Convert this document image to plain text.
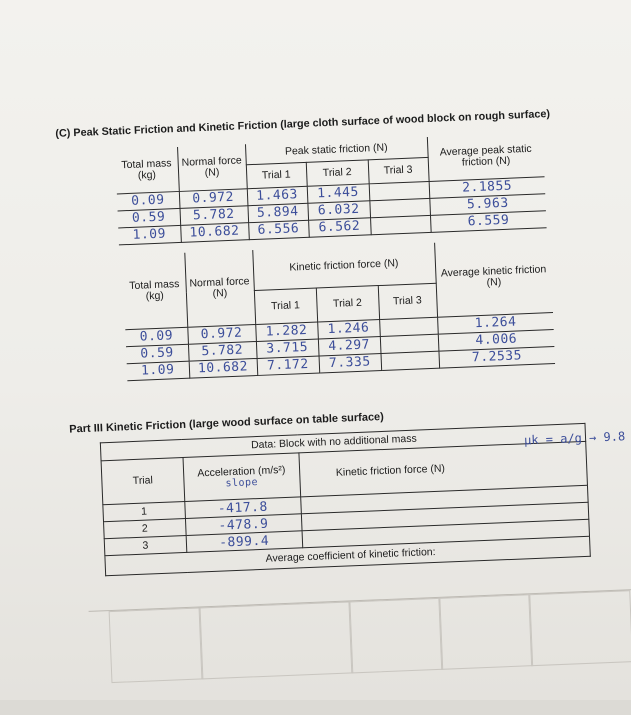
(C) Peak Static Friction and Kinetic Friction (large cloth surface of wood block on rough surface)
Total mass (kg)	Normal force (N)	Peak static friction (N)			Average peak static friction (N)
		Trial 1	Trial 2	Trial 3	
0.09	0.972	1.463	1.445		2.1855
0.59	5.782	5.894	6.032		5.963
1.09	10.682	6.556	6.562		6.559
Total mass (kg)	Normal force (N)	Kinetic friction force (N)			Average kinetic friction (N)
		Trial 1	Trial 2	Trial 3	
0.09	0.972	1.282	1.246		1.264
0.59	5.782	3.715	4.297		4.006
1.09	10.682	7.172	7.335		7.2535
Part III Kinetic Friction (large wood surface on table surface)
Data: Block with no additional mass		
Trial	Acceleration (m/s²) slope	Kinetic friction force (N)
1	-417.8	
2	-478.9	
3	-899.4	
Average coefficient of kinetic friction:		
μk = a/g → 9.8
